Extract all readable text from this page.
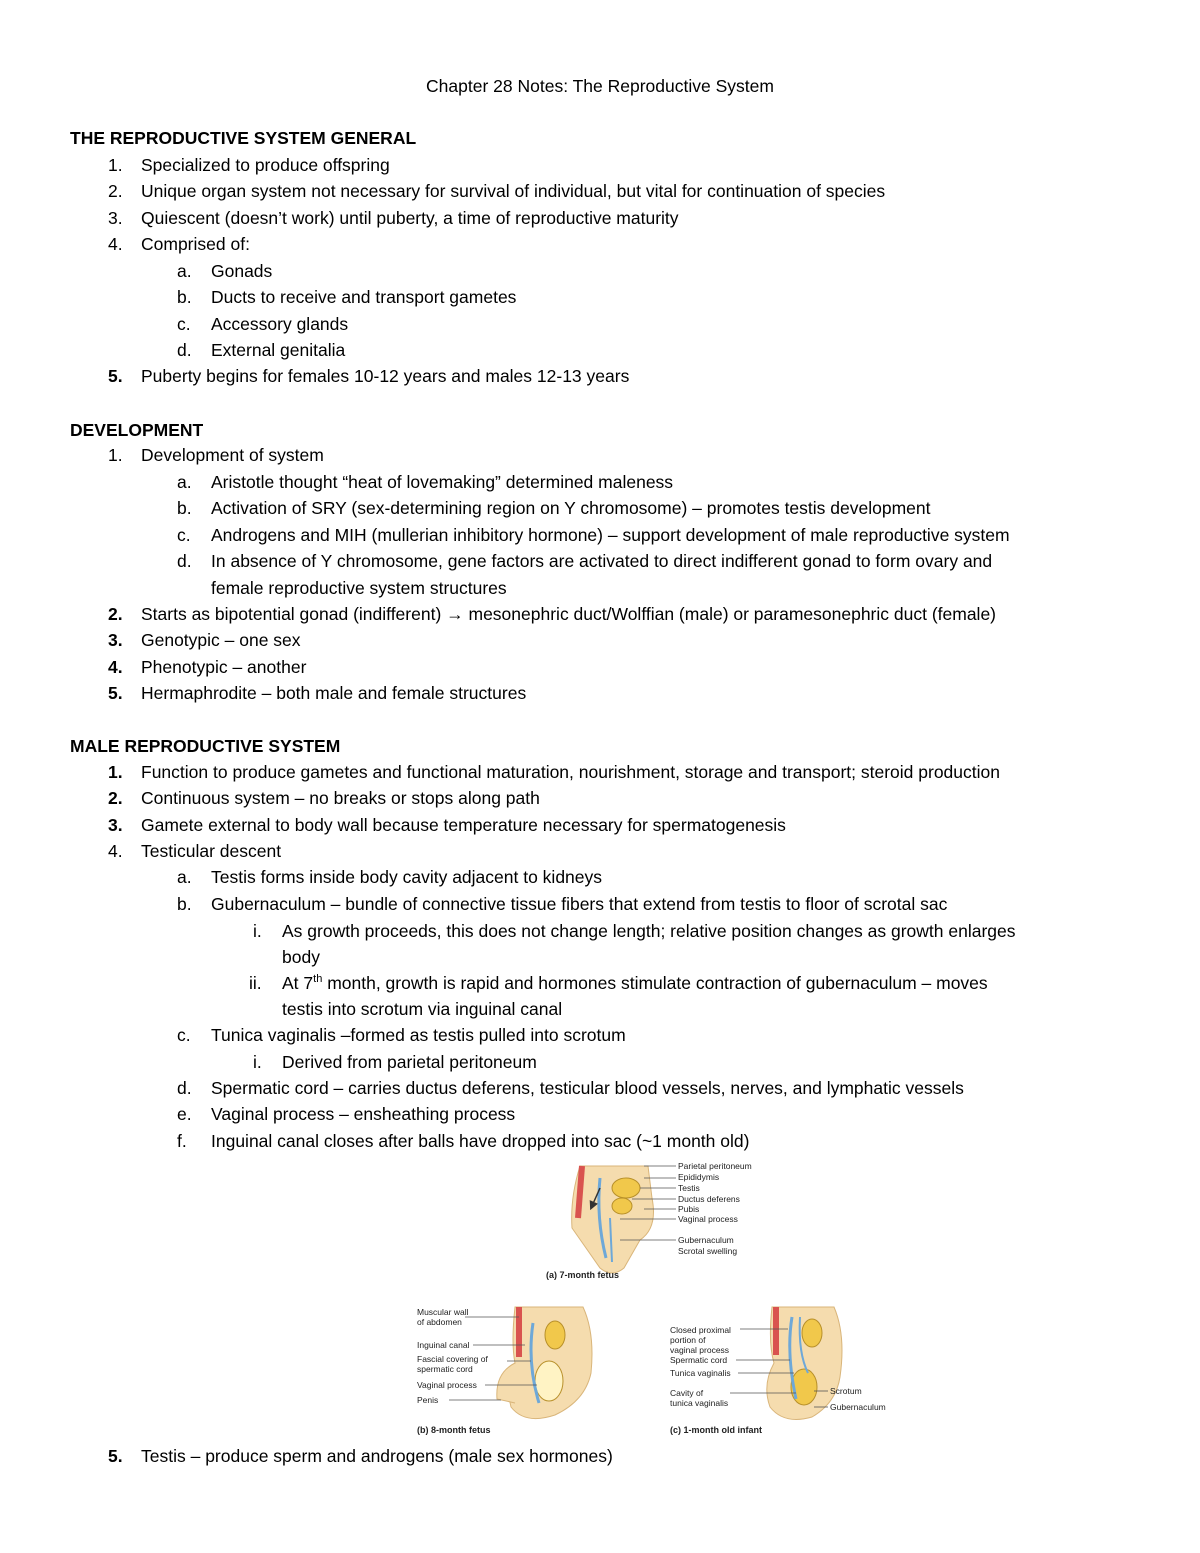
Chapter 28 Notes: The Reproductive System
THE REPRODUCTIVE SYSTEM GENERAL
1. Specialized to produce offspring
2. Unique organ system not necessary for survival of individual, but vital for continuation of species
3. Quiescent (doesn’t work) until puberty, a time of reproductive maturity
4. Comprised of:
a. Gonads
b. Ducts to receive and transport gametes
c. Accessory glands
d. External genitalia
5. Puberty begins for females 10-12 years and males 12-13 years
DEVELOPMENT
1. Development of system
a. Aristotle thought “heat of lovemaking” determined maleness
b. Activation of SRY (sex-determining region on Y chromosome) – promotes testis development
c. Androgens and MIH (mullerian inhibitory hormone) – support development of male reproductive system
d. In absence of Y chromosome, gene factors are activated to direct indifferent gonad to form ovary and
female reproductive system structures
2. Starts as bipotential gonad (indifferent) → mesonephric duct/Wolffian (male) or paramesonephric duct (female)
3. Genotypic – one sex
4. Phenotypic – another
5. Hermaphrodite – both male and female structures
MALE REPRODUCTIVE SYSTEM
1. Function to produce gametes and functional maturation, nourishment, storage and transport; steroid production
2. Continuous system – no breaks or stops along path
3. Gamete external to body wall because temperature necessary for spermatogenesis
4. Testicular descent
a. Testis forms inside body cavity adjacent to kidneys
b. Gubernaculum – bundle of connective tissue fibers that extend from testis to floor of scrotal sac
i. As growth proceeds, this does not change length; relative position changes as growth enlarges
body
ii. At 7th month, growth is rapid and hormones stimulate contraction of gubernaculum – moves
testis into scrotum via inguinal canal
c. Tunica vaginalis –formed as testis pulled into scrotum
i. Derived from parietal peritoneum
d. Spermatic cord – carries ductus deferens, testicular blood vessels, nerves, and lymphatic vessels
e. Vaginal process – ensheathing process
f. Inguinal canal closes after balls have dropped into sac (~1 month old)
Parietal peritoneum
Epididymis
Testis
Ductus deferens
Pubis
Vaginal process
Gubernaculum
Scrotal swelling
(a) 7-month fetus
Muscular wall
of abdomen
Inguinal canal
Fascial covering of
spermatic cord
Vaginal process
Penis
(b) 8-month fetus
Closed proximal
portion of
vaginal process
Spermatic cord
Tunica vaginalis
Cavity of
tunica vaginalis
Scrotum
Gubernaculum
(c) 1-month old infant
5. Testis – produce sperm and androgens (male sex hormones)
